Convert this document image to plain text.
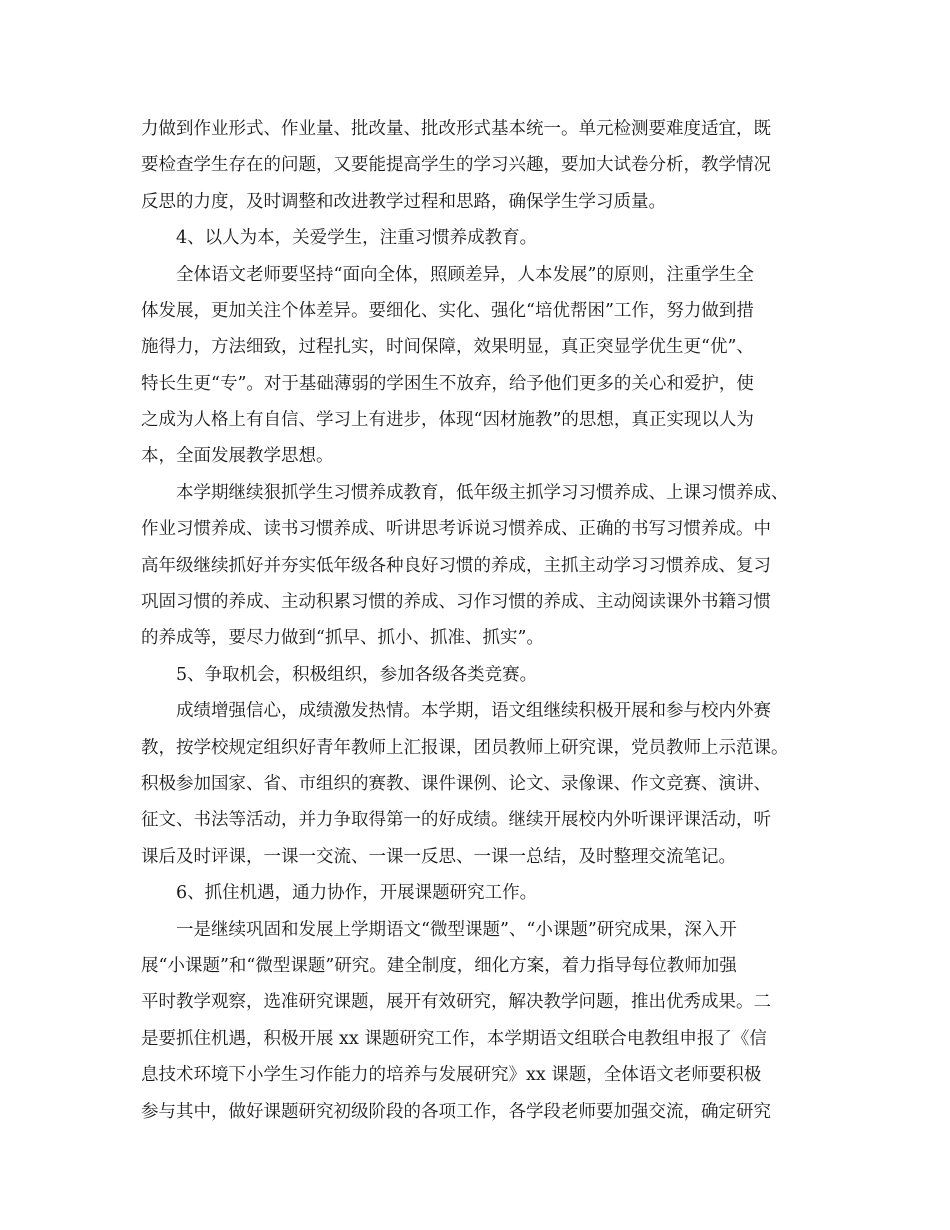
力做到作业形式、作业量、批改量、批改形式基本统一。单元检测要难度适宜，既
要检查学生存在的问题，又要能提高学生的学习兴趣，要加大试卷分析，教学情况
反思的力度，及时调整和改进教学过程和思路，确保学生学习质量。
4、以人为本，关爱学生，注重习惯养成教育。
全体语文老师要坚持“面向全体，照顾差异，人本发展”的原则，注重学生全
体发展，更加关注个体差异。要细化、实化、强化“培优帮困”工作，努力做到措
施得力，方法细致，过程扎实，时间保障，效果明显，真正突显学优生更“优”、
特长生更“专”。对于基础薄弱的学困生不放弃，给予他们更多的关心和爱护，使
之成为人格上有自信、学习上有进步，体现“因材施教”的思想，真正实现以人为
本，全面发展教学思想。
本学期继续狠抓学生习惯养成教育，低年级主抓学习习惯养成、上课习惯养成、
作业习惯养成、读书习惯养成、听讲思考诉说习惯养成、正确的书写习惯养成。中
高年级继续抓好并夯实低年级各种良好习惯的养成，主抓主动学习习惯养成、复习
巩固习惯的养成、主动积累习惯的养成、习作习惯的养成、主动阅读课外书籍习惯
的养成等，要尽力做到“抓早、抓小、抓准、抓实”。
5、争取机会，积极组织，参加各级各类竞赛。
成绩增强信心，成绩激发热情。本学期，语文组继续积极开展和参与校内外赛
教，按学校规定组织好青年教师上汇报课，团员教师上研究课，党员教师上示范课。
积极参加国家、省、市组织的赛教、课件课例、论文、录像课、作文竞赛、演讲、
征文、书法等活动，并力争取得第一的好成绩。继续开展校内外听课评课活动，听
课后及时评课，一课一交流、一课一反思、一课一总结，及时整理交流笔记。
6、抓住机遇，通力协作，开展课题研究工作。
一是继续巩固和发展上学期语文“微型课题”、“小课题”研究成果，深入开
展“小课题”和“微型课题”研究。建全制度，细化方案，着力指导每位教师加强
平时教学观察，选准研究课题，展开有效研究，解决教学问题，推出优秀成果。二
是要抓住机遇，积极开展 xx 课题研究工作，本学期语文组联合电教组申报了《信
息技术环境下小学生习作能力的培养与发展研究》xx 课题，全体语文老师要积极
参与其中，做好课题研究初级阶段的各项工作，各学段老师要加强交流，确定研究
